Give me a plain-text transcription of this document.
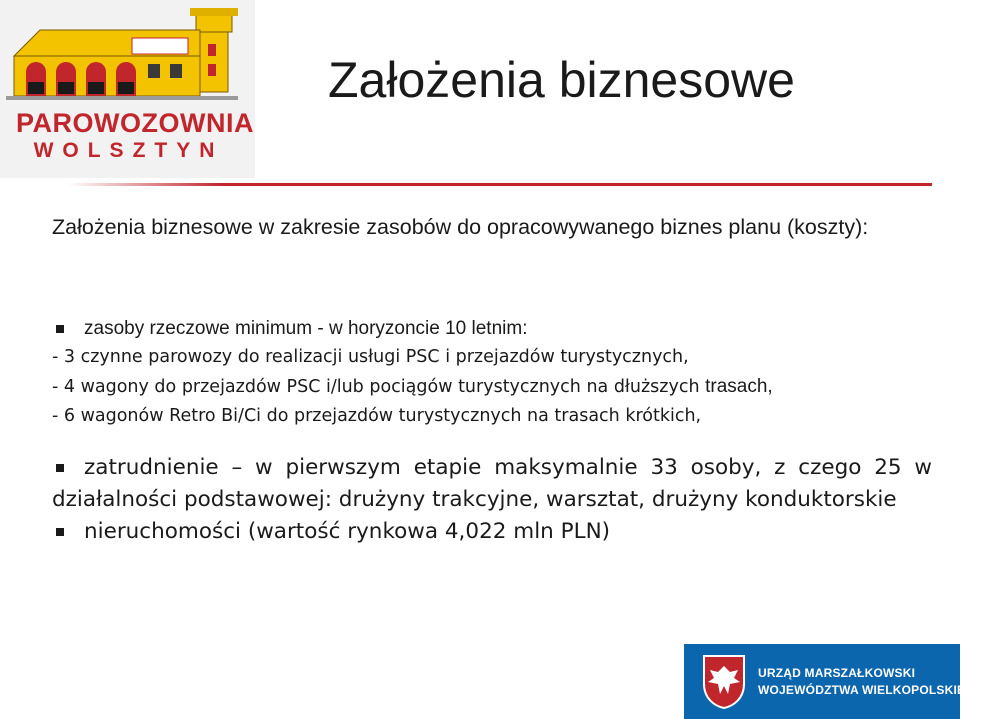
PAROWOZOWNIA
WOLSZTYN
Założenia biznesowe
Założenia biznesowe w zakresie zasobów do opracowywanego biznes planu (koszty):
zasoby rzeczowe minimum - w horyzoncie 10 letnim:
- 3 czynne parowozy do realizacji usługi PSC i przejazdów turystycznych,
- 4 wagony do przejazdów PSC i/lub pociągów turystycznych na dłuższych trasach,
- 6 wagonów Retro Bi/Ci do przejazdów turystycznych na trasach krótkich,
zatrudnienie – w pierwszym etapie maksymalnie 33 osoby, z czego 25 w
działalności podstawowej: drużyny trakcyjne, warsztat, drużyny konduktorskie
nieruchomości (wartość rynkowa 4,022 mln PLN)
URZĄD MARSZAŁKOWSKI
WOJEWÓDZTWA WIELKOPOLSKIEGO
